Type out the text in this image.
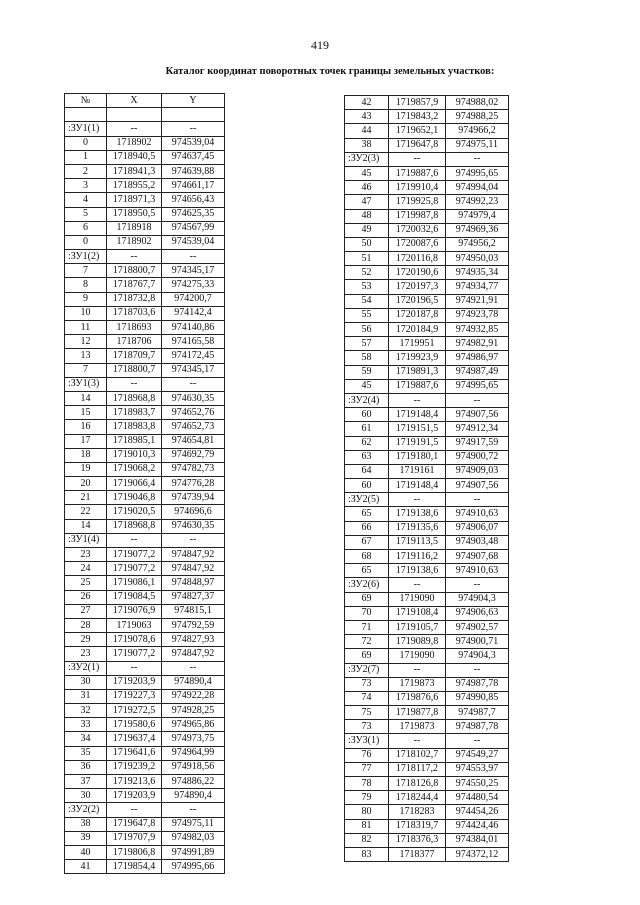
419
Каталог координат поворотных точек границы земельных участков:
№	X	Y

:ЗУ1(1)	--	--
0	1718902	974539,04
1	1718940,5	974637,45
2	1718941,3	974639,88
3	1718955,2	974661,17
4	1718971,3	974656,43
5	1718950,5	974625,35
6	1718918	974567,99
0	1718902	974539,04
:ЗУ1(2)	--	--
7	1718800,7	974345,17
8	1718767,7	974275,33
9	1718732,8	974200,7
10	1718703,6	974142,4
11	1718693	974140,86
12	1718706	974165,58
13	1718709,7	974172,45
7	1718800,7	974345,17
:ЗУ1(3)	--	--
14	1718968,8	974630,35
15	1718983,7	974652,76
16	1718983,8	974652,73
17	1718985,1	974654,81
18	1719010,3	974692,79
19	1719068,2	974782,73
20	1719066,4	974776,28
21	1719046,8	974739,94
22	1719020,5	974696,6
14	1718968,8	974630,35
:ЗУ1(4)	--	--
23	1719077,2	974847,92
24	1719077,2	974847,92
25	1719086,1	974848,97
26	1719084,5	974827,37
27	1719076,9	974815,1
28	1719063	974792,59
29	1719078,6	974827,93
23	1719077,2	974847,92
:ЗУ2(1)	--	--
30	1719203,9	974890,4
31	1719227,3	974922,28
32	1719272,5	974928,25
33	1719580,6	974965,86
34	1719637,4	974973,75
35	1719641,6	974964,99
36	1719239,2	974918,56
37	1719213,6	974886,22
30	1719203,9	974890,4
:ЗУ2(2)	--	--
38	1719647,8	974975,11
39	1719707,9	974982,03
40	1719806,8	974991,89
41	1719854,4	974995,66
42	1719857,9	974988,02
43	1719843,2	974988,25
44	1719652,1	974966,2
38	1719647,8	974975,11
:ЗУ2(3)	--	--
45	1719887,6	974995,65
46	1719910,4	974994,04
47	1719925,8	974992,23
48	1719987,8	974979,4
49	1720032,6	974969,36
50	1720087,6	974956,2
51	1720116,8	974950,03
52	1720190,6	974935,34
53	1720197,3	974934,77
54	1720196,5	974921,91
55	1720187,8	974923,78
56	1720184,9	974932,85
57	1719951	974982,91
58	1719923,9	974986,97
59	1719891,3	974987,49
45	1719887,6	974995,65
:ЗУ2(4)	--	--
60	1719148,4	974907,56
61	1719151,5	974912,34
62	1719191,5	974917,59
63	1719180,1	974900,72
64	1719161	974909,03
60	1719148,4	974907,56
:ЗУ2(5)	--	--
65	1719138,6	974910,63
66	1719135,6	974906,07
67	1719113,5	974903,48
68	1719116,2	974907,68
65	1719138,6	974910,63
:ЗУ2(6)	--	--
69	1719090	974904,3
70	1719108,4	974906,63
71	1719105,7	974902,57
72	1719089,8	974900,71
69	1719090	974904,3
:ЗУ2(7)	--	--
73	1719873	974987,78
74	1719876,6	974990,85
75	1719877,8	974987,7
73	1719873	974987,78
:ЗУ3(1)	--	--
76	1718102,7	974549,27
77	1718117,2	974553,97
78	1718126,8	974550,25
79	1718244,4	974480,54
80	1718283	974454,26
81	1718319,7	974424,46
82	1718376,3	974384,01
83	1718377	974372,12
